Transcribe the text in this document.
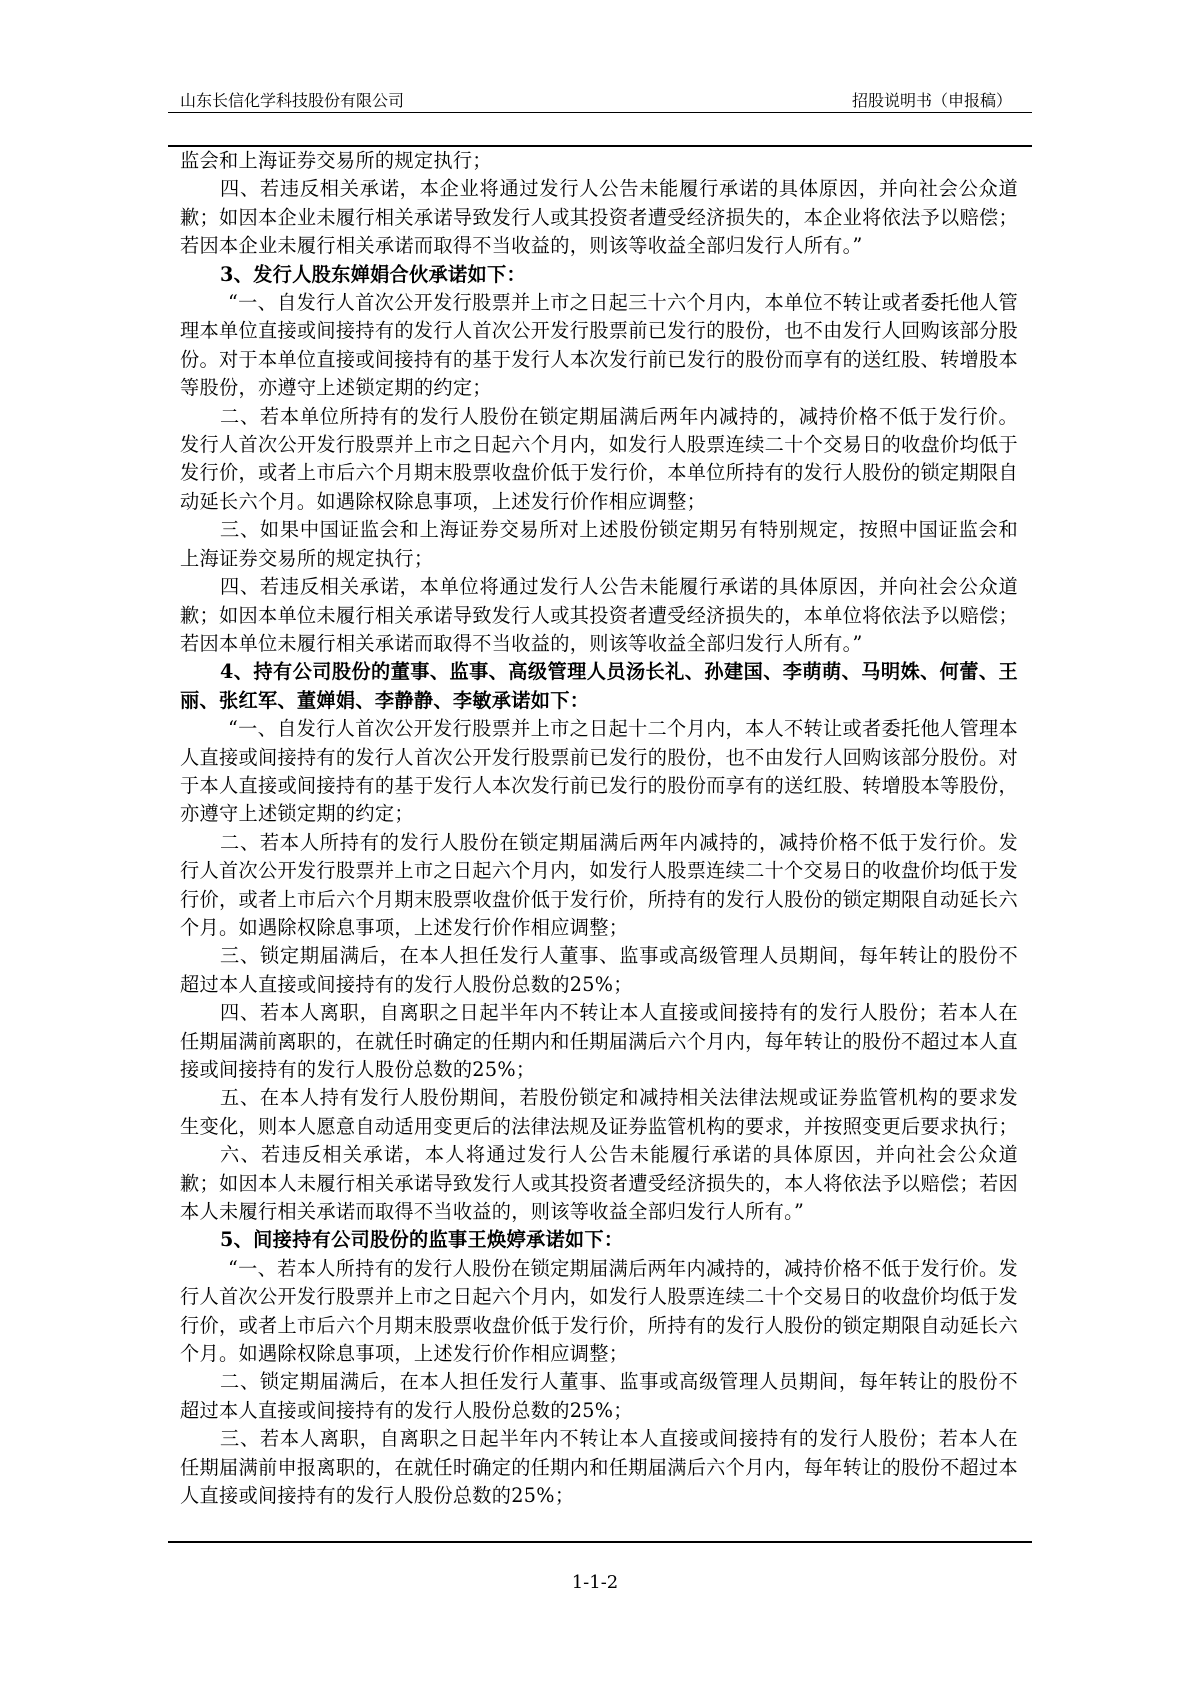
山东长信化学科技股份有限公司	招股说明书（申报稿）

监会和上海证券交易所的规定执行；

四、若违反相关承诺，本企业将通过发行人公告未能履行承诺的具体原因，并向社会公众道歉；如因本企业未履行相关承诺导致发行人或其投资者遭受经济损失的，本企业将依法予以赔偿；若因本企业未履行相关承诺而取得不当收益的，则该等收益全部归发行人所有。”

3、发行人股东婵娟合伙承诺如下：

“一、自发行人首次公开发行股票并上市之日起三十六个月内，本单位不转让或者委托他人管理本单位直接或间接持有的发行人首次公开发行股票前已发行的股份，也不由发行人回购该部分股份。对于本单位直接或间接持有的基于发行人本次发行前已发行的股份而享有的送红股、转增股本等股份，亦遵守上述锁定期的约定；

二、若本单位所持有的发行人股份在锁定期届满后两年内减持的，减持价格不低于发行价。发行人首次公开发行股票并上市之日起六个月内，如发行人股票连续二十个交易日的收盘价均低于发行价，或者上市后六个月期末股票收盘价低于发行价，本单位所持有的发行人股份的锁定期限自动延长六个月。如遇除权除息事项，上述发行价作相应调整；

三、如果中国证监会和上海证券交易所对上述股份锁定期另有特别规定，按照中国证监会和上海证券交易所的规定执行；

四、若违反相关承诺，本单位将通过发行人公告未能履行承诺的具体原因，并向社会公众道歉；如因本单位未履行相关承诺导致发行人或其投资者遭受经济损失的，本单位将依法予以赔偿；若因本单位未履行相关承诺而取得不当收益的，则该等收益全部归发行人所有。”

4、持有公司股份的董事、监事、高级管理人员汤长礼、孙建国、李萌萌、马明姝、何蕾、王丽、张红军、董婵娟、李静静、李敏承诺如下：

“一、自发行人首次公开发行股票并上市之日起十二个月内，本人不转让或者委托他人管理本人直接或间接持有的发行人首次公开发行股票前已发行的股份，也不由发行人回购该部分股份。对于本人直接或间接持有的基于发行人本次发行前已发行的股份而享有的送红股、转增股本等股份，亦遵守上述锁定期的约定；

二、若本人所持有的发行人股份在锁定期届满后两年内减持的，减持价格不低于发行价。发行人首次公开发行股票并上市之日起六个月内，如发行人股票连续二十个交易日的收盘价均低于发行价，或者上市后六个月期末股票收盘价低于发行价，所持有的发行人股份的锁定期限自动延长六个月。如遇除权除息事项，上述发行价作相应调整；

三、锁定期届满后，在本人担任发行人董事、监事或高级管理人员期间，每年转让的股份不超过本人直接或间接持有的发行人股份总数的25%；

四、若本人离职，自离职之日起半年内不转让本人直接或间接持有的发行人股份；若本人在任期届满前离职的，在就任时确定的任期内和任期届满后六个月内，每年转让的股份不超过本人直接或间接持有的发行人股份总数的25%；

五、在本人持有发行人股份期间，若股份锁定和减持相关法律法规或证券监管机构的要求发生变化，则本人愿意自动适用变更后的法律法规及证券监管机构的要求，并按照变更后要求执行；

六、若违反相关承诺，本人将通过发行人公告未能履行承诺的具体原因，并向社会公众道歉；如因本人未履行相关承诺导致发行人或其投资者遭受经济损失的，本人将依法予以赔偿；若因本人未履行相关承诺而取得不当收益的，则该等收益全部归发行人所有。”

5、间接持有公司股份的监事王焕婷承诺如下：

“一、若本人所持有的发行人股份在锁定期届满后两年内减持的，减持价格不低于发行价。发行人首次公开发行股票并上市之日起六个月内，如发行人股票连续二十个交易日的收盘价均低于发行价，或者上市后六个月期末股票收盘价低于发行价，所持有的发行人股份的锁定期限自动延长六个月。如遇除权除息事项，上述发行价作相应调整；

二、锁定期届满后，在本人担任发行人董事、监事或高级管理人员期间，每年转让的股份不超过本人直接或间接持有的发行人股份总数的25%；

三、若本人离职，自离职之日起半年内不转让本人直接或间接持有的发行人股份；若本人在任期届满前申报离职的，在就任时确定的任期内和任期届满后六个月内，每年转让的股份不超过本人直接或间接持有的发行人股份总数的25%；

1-1-2
